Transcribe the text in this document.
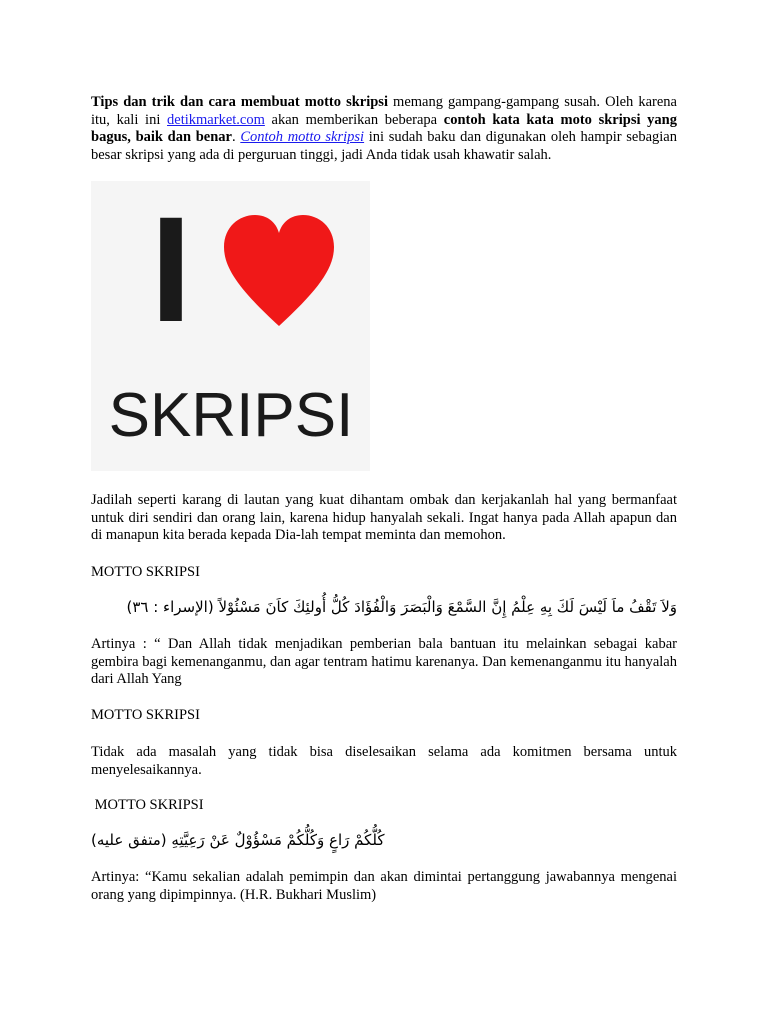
Tips dan trik dan cara membuat motto skripsi memang gampang-gampang susah. Oleh karena itu, kali ini detikmarket.com akan memberikan beberapa contoh kata kata moto skripsi yang bagus, baik dan benar. Contoh motto skripsi ini sudah baku dan digunakan oleh hampir sebagian besar skripsi yang ada di perguruan tinggi, jadi Anda tidak usah khawatir salah.

I
SKRIPSI

Jadilah seperti karang di lautan yang kuat dihantam ombak dan kerjakanlah hal yang bermanfaat untuk diri sendiri dan orang lain, karena hidup hanyalah sekali. Ingat hanya pada Allah apapun dan di manapun kita berada kepada Dia-lah tempat meminta dan memohon.

MOTTO SKRIPSI

وَلاَ تَقْفُ ماَ لَيْسَ لَكَ بِهِ عِلْمُ إِنَّ السَّمْعَ وَالْبَصَرَ وَالْفُؤَادَ كُلُّ أُولئِكَ كاَنَ مَسْئُوْلاً (الإسراء : ٣٦)

Artinya : “ Dan Allah tidak menjadikan pemberian bala bantuan itu melainkan sebagai kabar gembira bagi kemenanganmu, dan agar tentram hatimu karenanya. Dan kemenanganmu itu hanyalah dari Allah Yang

MOTTO SKRIPSI

Tidak ada masalah yang tidak bisa diselesaikan selama ada komitmen bersama untuk menyelesaikannya.

MOTTO SKRIPSI

كُلُّكُمْ رَاعٍ وَكُلُّكُمْ مَسْؤُوْلٌ عَنْ رَعِيَّتِهِ (متفق عليه)

Artinya: “Kamu sekalian adalah pemimpin dan akan dimintai pertanggung jawabannya mengenai orang yang dipimpinnya. (H.R. Bukhari Muslim)
